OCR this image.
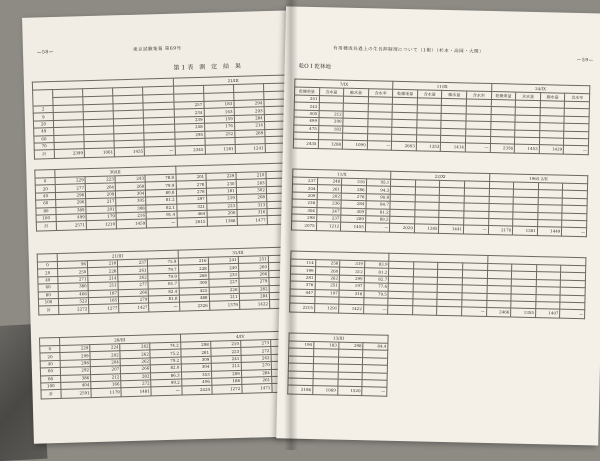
—58—	東京試験集報 第69号
第1表 測 定 結 果
					21/III			

2					257	183	294	
9					234	163	293	
20					239	159	284	
49					258	176	214	
60					295	252	289	
70								
計	2399	1061	1435	—	2345	1181	1241	
	30/III							
0	229	223	243	78.8	201	229	210	
20	277	204	268	79.9	278	230	283	
40	298	209	304	80.8	278	181	302	
60	296	217	305	81.2	297	219	268	
80	389	201	308	82.1	321	223	313	
100	499	179	216	91.4	464	200	316	
計	2571	1210	1459	—	2615	1368	1477	
	21/III				31/III			
0	96	218	237	75.9	216	241	251	
20	250	228	261	79.7	228	240	260	
40	271	214	262	79.9	268	233	266	
60	380	211	277	81.7	300	227	279	
80	466	187	266	82.4	425	226	282	
100	522	185	279	81.8	488	211	284	
計	2272	1277	1427	—	2326	1379	1422	
	28/III				4/IV			
0	229	224	262	74.2	298	210	273	
20	299	202	262	75.2	281	223	272	
40	298	204	262	79.2	309	241	262	
60	292	207	266	82.0	304	212	270	
80	386	212	282	86.3	353	209	284	
100	404	166	272	90.2	406	188	261	
計	2591	1179	1481	—	2424	1272	1471	
有用種成長過上の生長抑制剤について（1報）（杉本・高岡・大関）
—59—
乾O I 乾林地
7/IX				11/IX				24/IX			
乾燥重量	含水量	縮水量	含水率	乾燥重量	含水量	縮水量	含水率	乾燥重量	含水量	縮水量	含水率
251											
243											
405	212										
499	200										
475	183										

2435	1288	1090	—	2603	1353	1414	—	2356	1453	1429	—
11/X				22/XI				1965 2/II			
237	248	316	95.1								
204	261	286	94.3								
209	202	276	90.8								
236	236	284	84.7								
304	247	309	81.2								
298	237	289	89.2								
2075	1212	1455	—	2020	1285	1441	—	2170	1381	1449	—

114	258	319	83.9								
199	260	312	81.2								
281	262	299	82.7								
376	251	197	77.6								
447	197	316	79.5								

2215	1291	1422	—				—	2466	1355	1407	—
13/III			
190	183	298	84.4

2186	1069	1520	—
